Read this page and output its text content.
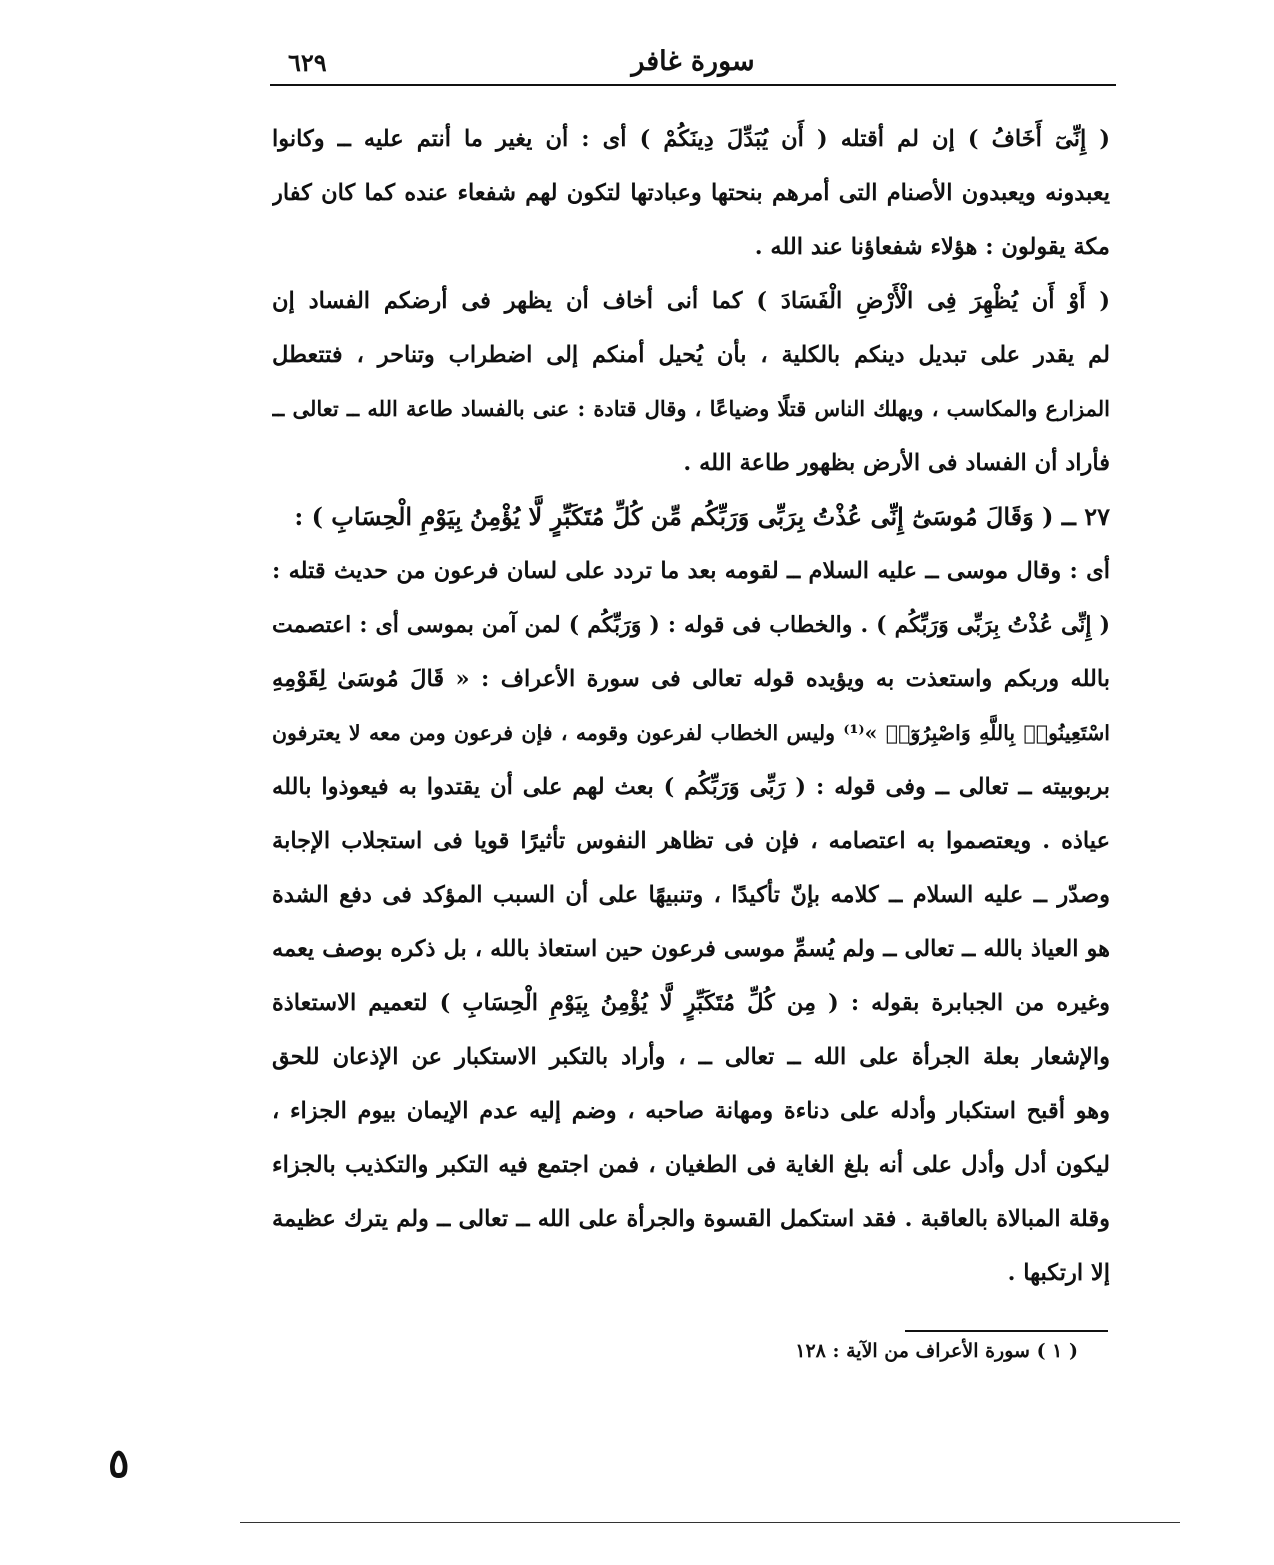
سورة غافر
٦٢٩
( إِنِّىٓ أَخَافُ ) إن لم أقتله ( أَن يُبَدِّلَ دِينَكُمْ ) أى : أن يغير ما أنتم عليه ــ وكانوا
يعبدونه ويعبدون الأصنام التى أمرهم بنحتها وعبادتها لتكون لهم شفعاء عنده كما كان كفار
مكة يقولون : هؤلاء شفعاؤنا عند الله .
( أَوْ أَن يُظْهِرَ فِى الْأَرْضِ الْفَسَادَ ) كما أنى أخاف أن يظهر فى أرضكم الفساد إن
لم يقدر على تبديل دينكم بالكلية ، بأن يُحيل أمنكم إلى اضطراب وتناحر ، فتتعطل
المزارع والمكاسب ، ويهلك الناس قتلًا وضياعًا ، وقال قتادة : عنى بالفساد طاعة الله ــ تعالى ــ
فأراد أن الفساد فى الأرض بظهور طاعة الله .
٢٧ ــ ( وَقَالَ مُوسَىٰٓ إِنِّى عُذْتُ بِرَبِّى وَرَبِّكُم مِّن كُلِّ مُتَكَبِّرٍ لَّا يُؤْمِنُ بِيَوْمِ الْحِسَابِ ) :
أى : وقال موسى ــ عليه السلام ــ لقومه بعد ما تردد على لسان فرعون من حديث قتله :
( إِنِّى عُذْتُ بِرَبِّى وَرَبِّكُم ) . والخطاب فى قوله : ( وَرَبِّكُم ) لمن آمن بموسى أى : اعتصمت
بالله وربكم واستعذت به ويؤيده قوله تعالى فى سورة الأعراف : « قَالَ مُوسَىٰ لِقَوْمِهِ
اسْتَعِينُوا۟ بِاللَّهِ وَاصْبِرُوٓا۟ »⁽¹⁾ وليس الخطاب لفرعون وقومه ، فإن فرعون ومن معه لا يعترفون
بربوبيته ــ تعالى ــ وفى قوله : ( رَبِّى وَرَبِّكُم ) بعث لهم على أن يقتدوا به فيعوذوا بالله
عياذه . ويعتصموا به اعتصامه ، فإن فى تظاهر النفوس تأثيرًا قويا فى استجلاب الإجابة
وصدّر ــ عليه السلام ــ كلامه بإنّ تأكيدًا ، وتنبيهًا على أن السبب المؤكد فى دفع الشدة
هو العياذ بالله ــ تعالى ــ ولم يُسمِّ موسى فرعون حين استعاذ بالله ، بل ذكره بوصف يعمه
وغيره من الجبابرة بقوله : ( مِن كُلِّ مُتَكَبِّرٍ لَّا يُؤْمِنُ بِيَوْمِ الْحِسَابِ ) لتعميم الاستعاذة
والإشعار بعلة الجرأة على الله ــ تعالى ــ ، وأراد بالتكبر الاستكبار عن الإذعان للحق
وهو أقبح استكبار وأدله على دناءة ومهانة صاحبه ، وضم إليه عدم الإيمان بيوم الجزاء ،
ليكون أدل وأدل على أنه بلغ الغاية فى الطغيان ، فمن اجتمع فيه التكبر والتكذيب بالجزاء
وقلة المبالاة بالعاقبة . فقد استكمل القسوة والجرأة على الله ــ تعالى ــ ولم يترك عظيمة
إلا ارتكبها .
( ١ ) سورة الأعراف من الآية : ١٢٨
٥
